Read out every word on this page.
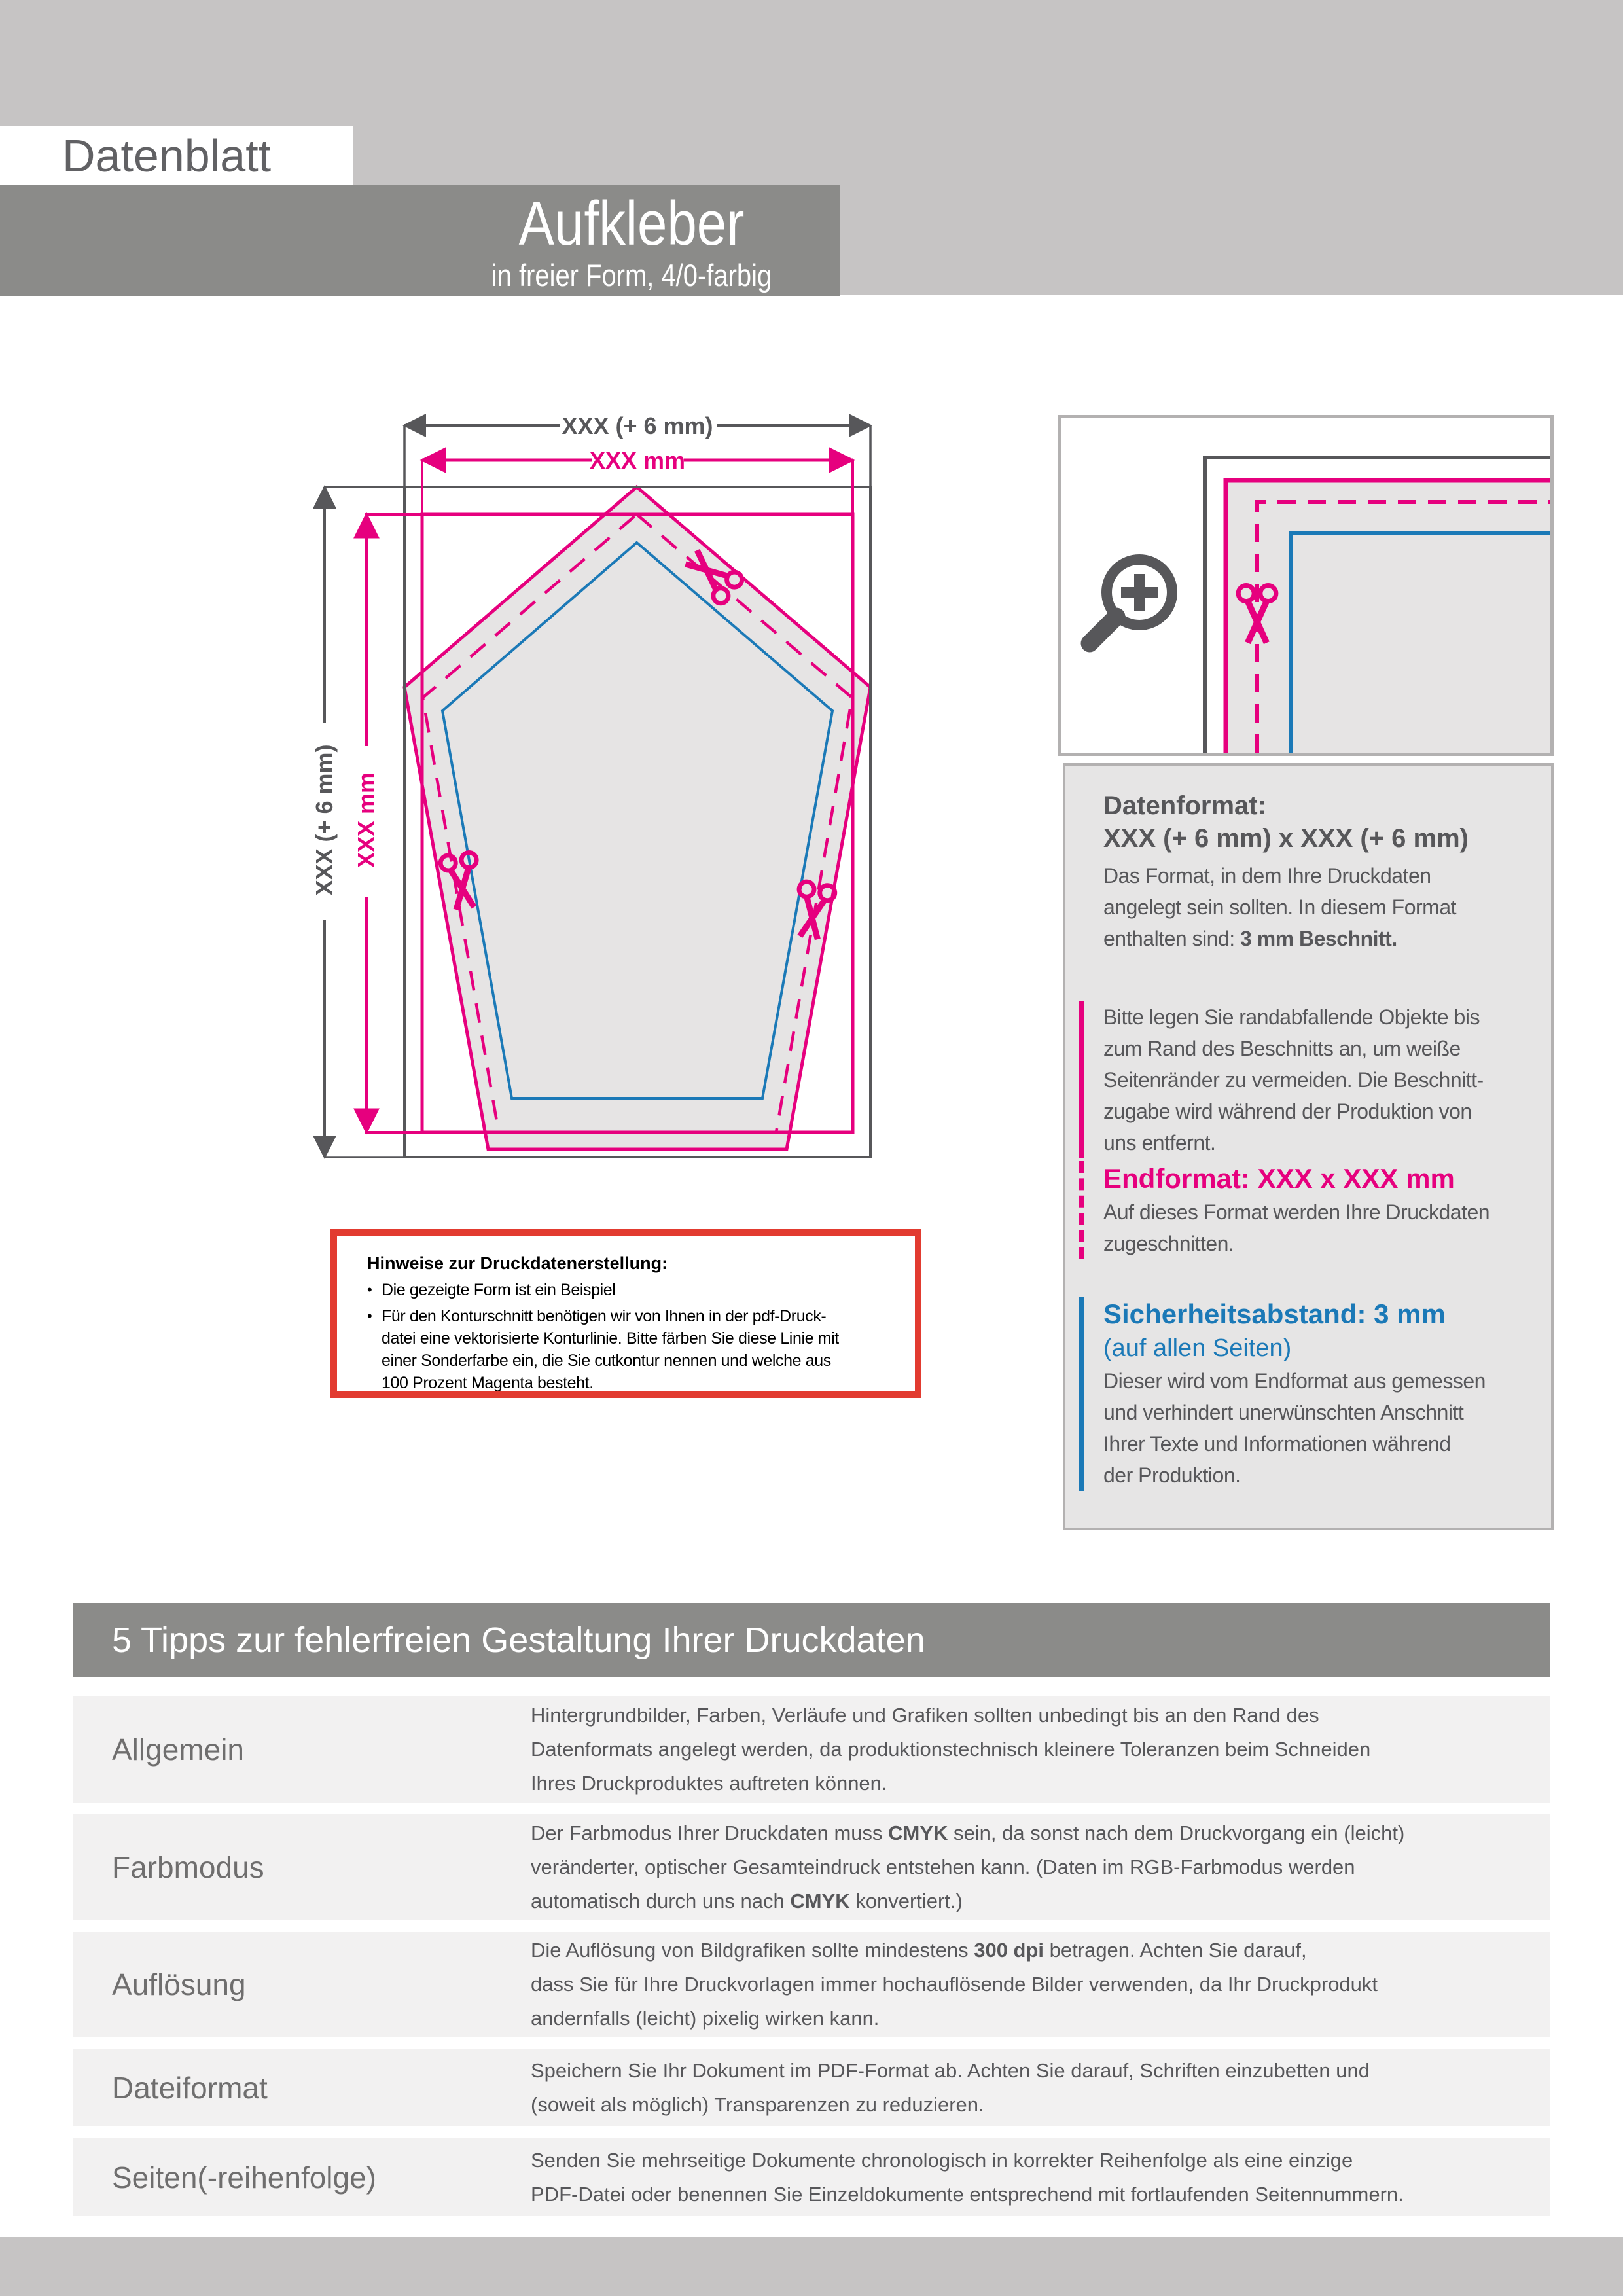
Datenblatt
Aufkleber
in freier Form, 4/0-farbig
XXX (+ 6 mm)
XXX (+ 6 mm)
XXX mm
XXX mm	Datenformat:
XXX (+ 6 mm) x XXX (+ 6 mm)
Das Format, in dem Ihre Druckdaten
angelegt sein sollten. In diesem Format
enthalten sind: 3 mm Beschnitt.
Bitte legen Sie randabfallende Objekte bis
zum Rand des Beschnitts an, um weiße
Seitenränder zu vermeiden. Die Beschnitt-
zugabe wird während der Produktion von
uns entfernt.
Endformat: XXX x XXX mm
Auf dieses Format werden Ihre Druckdaten
zugeschnitten.
Sicherheitsabstand: 3 mm
(auf allen Seiten)
Dieser wird vom Endformat aus gemessen
und verhindert unerwünschten Anschnitt
Ihrer Texte und Informationen während
der Produktion.
Hinweise zur Druckdatenerstellung:
• Die gezeigte Form ist ein Beispiel
• Für den Konturschnitt benötigen wir von Ihnen in der pdf-Druck-
datei eine vektorisierte Konturlinie. Bitte färben Sie diese Linie mit
einer Sonderfarbe ein, die Sie cutkontur nennen und welche aus
100 Prozent Magenta besteht.
5 Tipps zur fehlerfreien Gestaltung Ihrer Druckdaten
Allgemein
Hintergrundbilder, Farben, Verläufe und Grafiken sollten unbedingt bis an den Rand des
Datenformats angelegt werden, da produktionstechnisch kleinere Toleranzen beim Schneiden
Ihres Druckproduktes auftreten können.
Farbmodus
Der Farbmodus Ihrer Druckdaten muss CMYK sein, da sonst nach dem Druckvorgang ein (leicht)
veränderter, optischer Gesamteindruck entstehen kann. (Daten im RGB-Farbmodus werden
automatisch durch uns nach CMYK konvertiert.)
Auflösung
Die Auflösung von Bildgrafiken sollte mindestens 300 dpi betragen. Achten Sie darauf,
dass Sie für Ihre Druckvorlagen immer hochauflösende Bilder verwenden, da Ihr Druckprodukt
andernfalls (leicht) pixelig wirken kann.
Dateiformat
Speichern Sie Ihr Dokument im PDF-Format ab. Achten Sie darauf, Schriften einzubetten und
(soweit als möglich) Transparenzen zu reduzieren.
Seiten(-reihenfolge)
Senden Sie mehrseitige Dokumente chronologisch in korrekter Reihenfolge als eine einzige
PDF-Datei oder benennen Sie Einzeldokumente entsprechend mit fortlaufenden Seitennummern.
